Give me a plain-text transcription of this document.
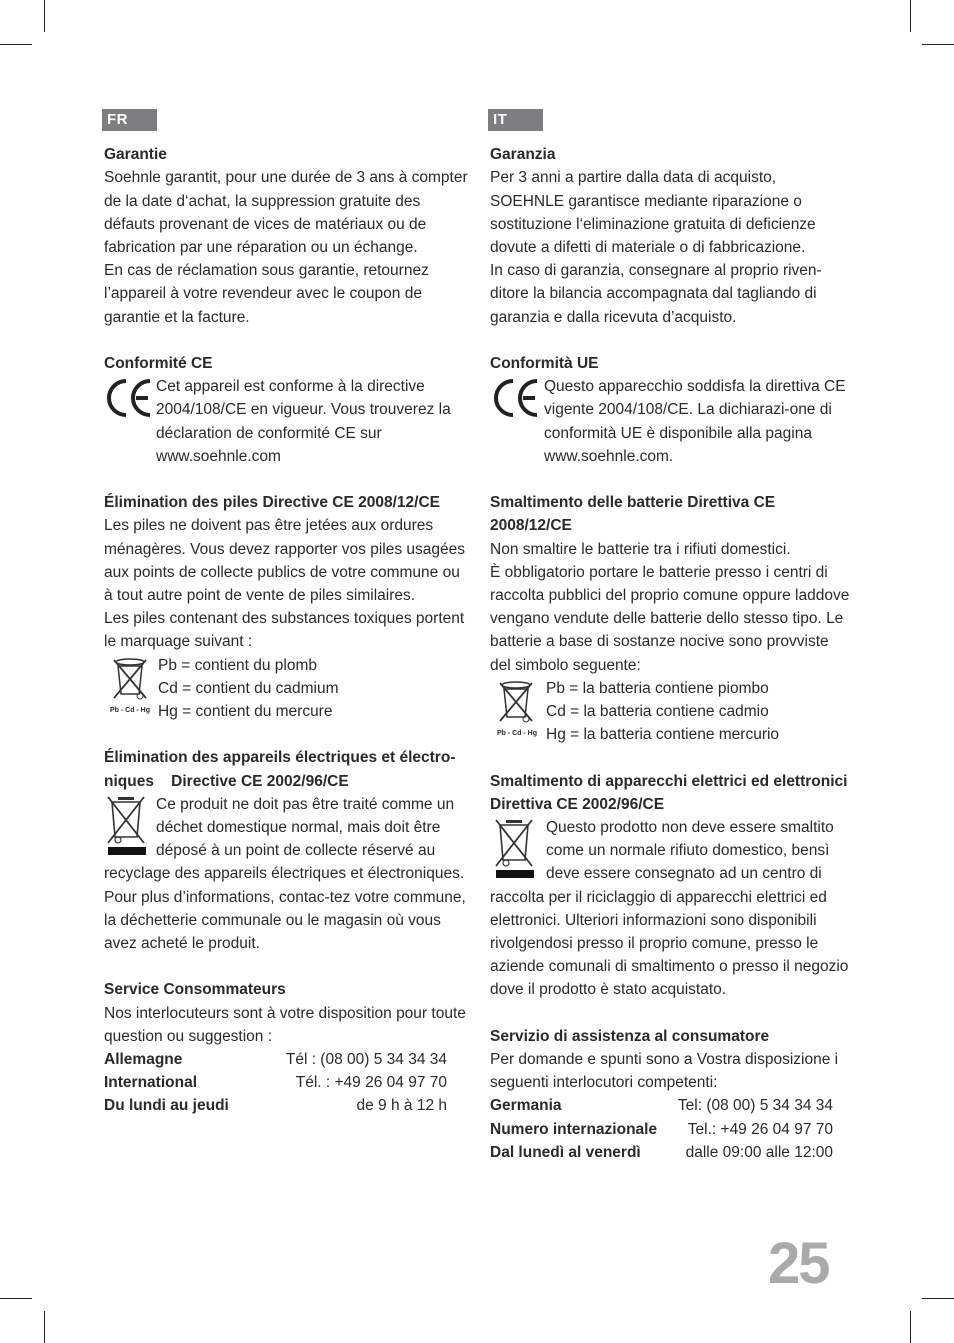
FR
Garantie

Soehnle garantit, pour une durée de 3 ans à compter de la date d‘achat, la suppression gratuite des défauts provenant de vices de matériaux ou de fabrication par une réparation ou un échange.

En cas de réclamation sous garantie, retournez l’appareil à votre revendeur avec le coupon de garantie et la facture.

Conformité CE

Cet appareil est conforme à la directive 2004/108/CE en vigueur. Vous trouverez la déclaration de conformité CE sur www.soehnle.com

Élimination des piles Directive CE 2008/12/CE

Les piles ne doivent pas être jetées aux ordures ménagères. Vous devez rapporter vos piles usagées aux points de collecte publics de votre commune ou à tout autre point de vente de piles similaires.

Les piles contenant des substances toxiques portent le marquage suivant :

Pb - Cd - Hg
Pb = contient du plomb
Cd = contient du cadmium
Hg = contient du mercure
Élimination des appareils électriques et électro-niques    Directive CE 2002/96/CE

Ce produit ne doit pas être traité comme un déchet domestique normal, mais doit être déposé à un point de collecte réservé au recyclage des appareils électriques et électroniques. Pour plus d’informations, contac-tez votre commune, la déchetterie communale ou le magasin où vous avez acheté le produit.

Service Consommateurs

Nos interlocuteurs sont à votre disposition pour toute question ou suggestion :

Allemagne	Tél : (08 00) 5 34 34 34
International	Tél. : +49 26 04 97 70
Du lundi au jeudi	de 9 h à 12 h
IT
Garanzia

Per 3 anni a partire dalla data di acquisto, SOEHNLE garantisce mediante riparazione o sostituzione l‘eliminazione gratuita di deficienze dovute a difetti di materiale o di fabbricazione.

In caso di garanzia, consegnare al proprio riven-ditore la bilancia accompagnata dal tagliando di garanzia e dalla ricevuta d’acquisto.

Conformità UE

Questo apparecchio soddisfa la direttiva CE vigente 2004/108/CE. La dichiarazi-one di conformità UE è disponibile alla pagina www.soehnle.com.

Smaltimento delle batterie Direttiva CE 2008/12/CE

Non smaltire le batterie tra i rifiuti domestici.

È obbligatorio portare le batterie presso i centri di raccolta pubblici del proprio comune oppure laddove vengano vendute delle batterie dello stesso tipo. Le batterie a base di sostanze nocive sono provviste del simbolo seguente:

Pb - Cd - Hg
Pb = la batteria contiene piombo
Cd = la batteria contiene cadmio
Hg = la batteria contiene mercurio
Smaltimento di apparecchi elettrici ed elettronici Direttiva CE 2002/96/CE

Questo prodotto non deve essere smaltito come un normale rifiuto domestico, bensì deve essere consegnato ad un centro di raccolta per il riciclaggio di apparecchi elettrici ed elettronici. Ulteriori informazioni sono disponibili rivolgendosi presso il proprio comune, presso le aziende comunali di smaltimento o presso il negozio dove il prodotto è stato acquistato.

Servizio di assistenza al consumatore

Per domande e spunti sono a Vostra disposizione i seguenti interlocutori competenti:

Germania	Tel: (08 00) 5 34 34 34
Numero internazionale Tel.: +49 26 04 97 70
Dal lunedì al venerdì	dalle 09:00 alle 12:00
25
